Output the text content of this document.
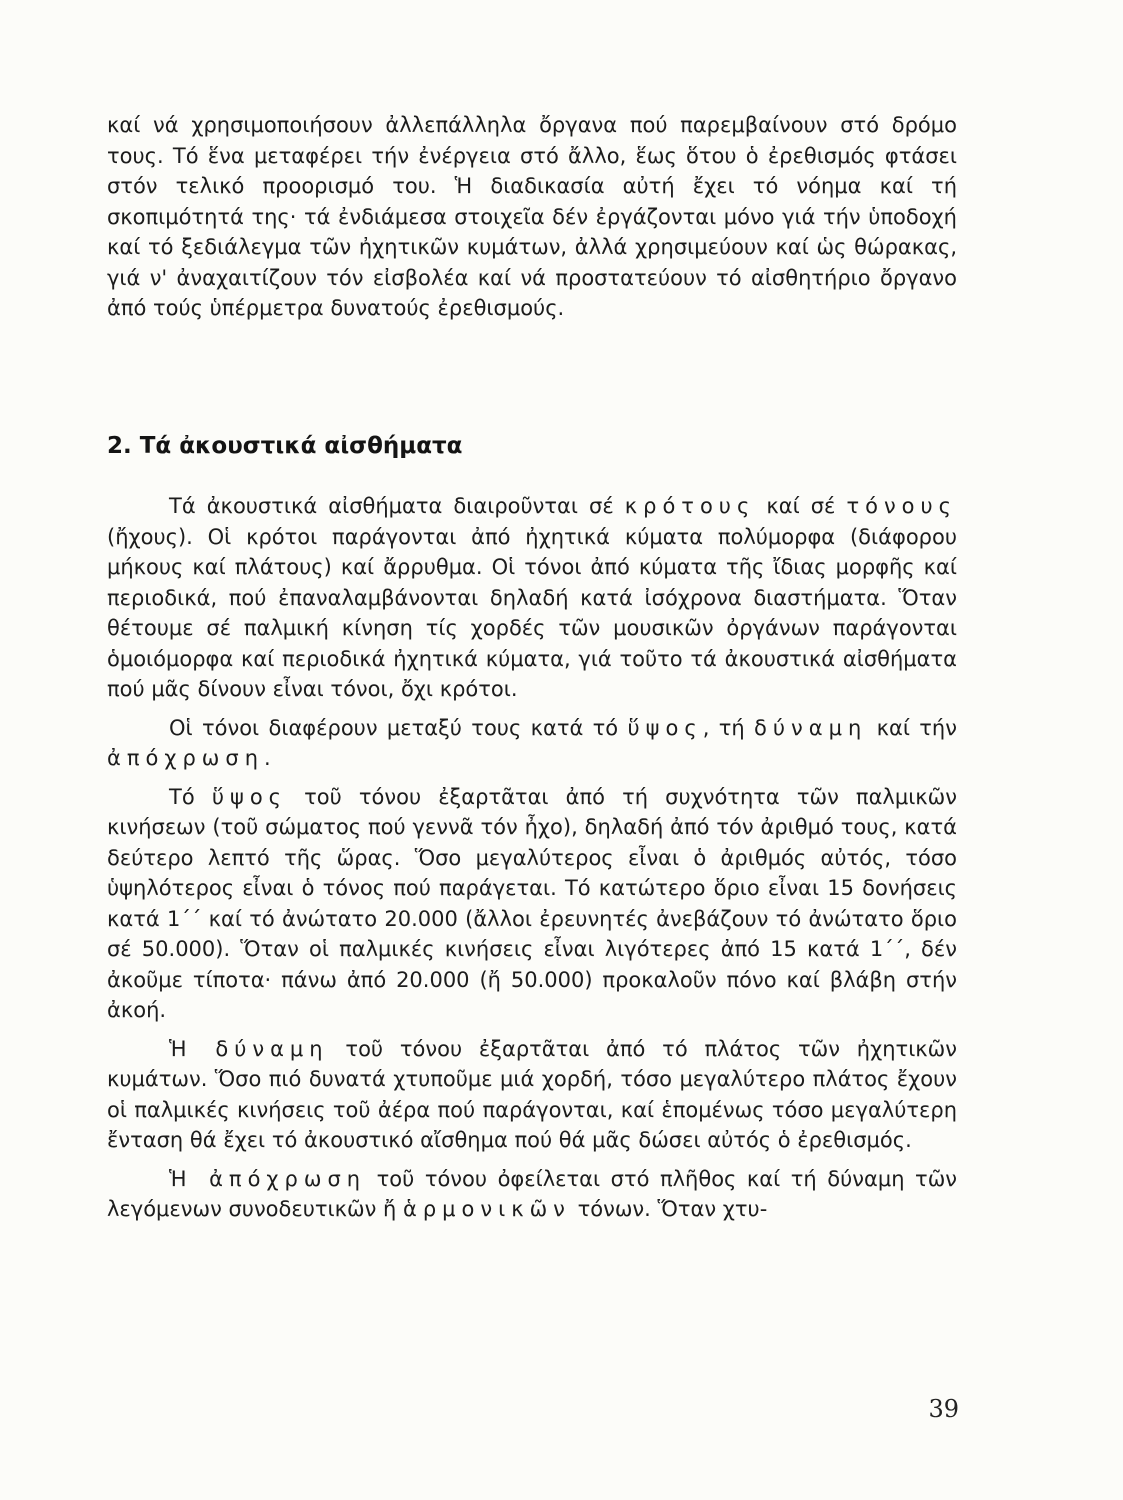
καί νά χρησιμοποιήσουν ἀλλεπάλληλα ὄργανα πού παρεμβαίνουν στό δρόμο τους. Τό ἕνα μεταφέρει τήν ἐνέργεια στό ἄλλο, ἕως ὅτου ὁ ἐρεθισμός φτάσει στόν τελικό προορισμό του. Ἡ διαδικασία αὐτή ἔχει τό νόημα καί τή σκοπιμότητά της· τά ἐνδιάμεσα στοιχεῖα δέν ἐργάζονται μόνο γιά τήν ὑποδοχή καί τό ξεδιάλεγμα τῶν ἠχητικῶν κυμάτων, ἀλλά χρησιμεύουν καί ὡς θώρακας, γιά ν' ἀναχαιτίζουν τόν εἰσβολέα καί νά προστατεύουν τό αἰσθητήριο ὄργανο ἀπό τούς ὑπέρμετρα δυνατούς ἐρεθισμούς.

2. Τά ἀκουστικά αἰσθήματα

Τά ἀκουστικά αἰσθήματα διαιροῦνται σέ κρότους καί σέ τόνους (ἤχους). Οἱ κρότοι παράγονται ἀπό ἠχητικά κύματα πολύμορφα (διάφορου μήκους καί πλάτους) καί ἄρρυθμα. Οἱ τόνοι ἀπό κύματα τῆς ἴδιας μορφῆς καί περιοδικά, πού ἐπαναλαμβάνονται δηλαδή κατά ἰσόχρονα διαστήματα. Ὅταν θέτουμε σέ παλμική κίνηση τίς χορδές τῶν μουσικῶν ὀργάνων παράγονται ὁμοιόμορφα καί περιοδικά ἠχητικά κύματα, γιά τοῦτο τά ἀκουστικά αἰσθήματα πού μᾶς δίνουν εἶναι τόνοι, ὄχι κρότοι.

Οἱ τόνοι διαφέρουν μεταξύ τους κατά τό ὕψος, τή δύναμη καί τήν ἀπόχρωση.

Τό ὕψος τοῦ τόνου ἐξαρτᾶται ἀπό τή συχνότητα τῶν παλμικῶν κινήσεων (τοῦ σώματος πού γεννᾶ τόν ἦχο), δηλαδή ἀπό τόν ἀριθμό τους, κατά δεύτερο λεπτό τῆς ὥρας. Ὅσο μεγαλύτερος εἶναι ὁ ἀριθμός αὐτός, τόσο ὑψηλότερος εἶναι ὁ τόνος πού παράγεται. Τό κατώτερο ὅριο εἶναι 15 δονήσεις κατά 1΄΄ καί τό ἀνώτατο 20.000 (ἄλλοι ἐρευνητές ἀνεβάζουν τό ἀνώτατο ὅριο σέ 50.000). Ὅταν οἱ παλμικές κινήσεις εἶναι λιγότερες ἀπό 15 κατά 1΄΄, δέν ἀκοῦμε τίποτα· πάνω ἀπό 20.000 (ἤ 50.000) προκαλοῦν πόνο καί βλάβη στήν ἀκοή.

Ἡ δύναμη τοῦ τόνου ἐξαρτᾶται ἀπό τό πλάτος τῶν ἠχητικῶν κυμάτων. Ὅσο πιό δυνατά χτυποῦμε μιά χορδή, τόσο μεγαλύτερο πλάτος ἔχουν οἱ παλμικές κινήσεις τοῦ ἀέρα πού παράγονται, καί ἑπομένως τόσο μεγαλύτερη ἔνταση θά ἔχει τό ἀκουστικό αἴσθημα πού θά μᾶς δώσει αὐτός ὁ ἐρεθισμός.

Ἡ ἀπόχρωση τοῦ τόνου ὀφείλεται στό πλῆθος καί τή δύναμη τῶν λεγόμενων συνοδευτικῶν ἤ ἁρμονικῶν τόνων. Ὅταν χτυ-

39
